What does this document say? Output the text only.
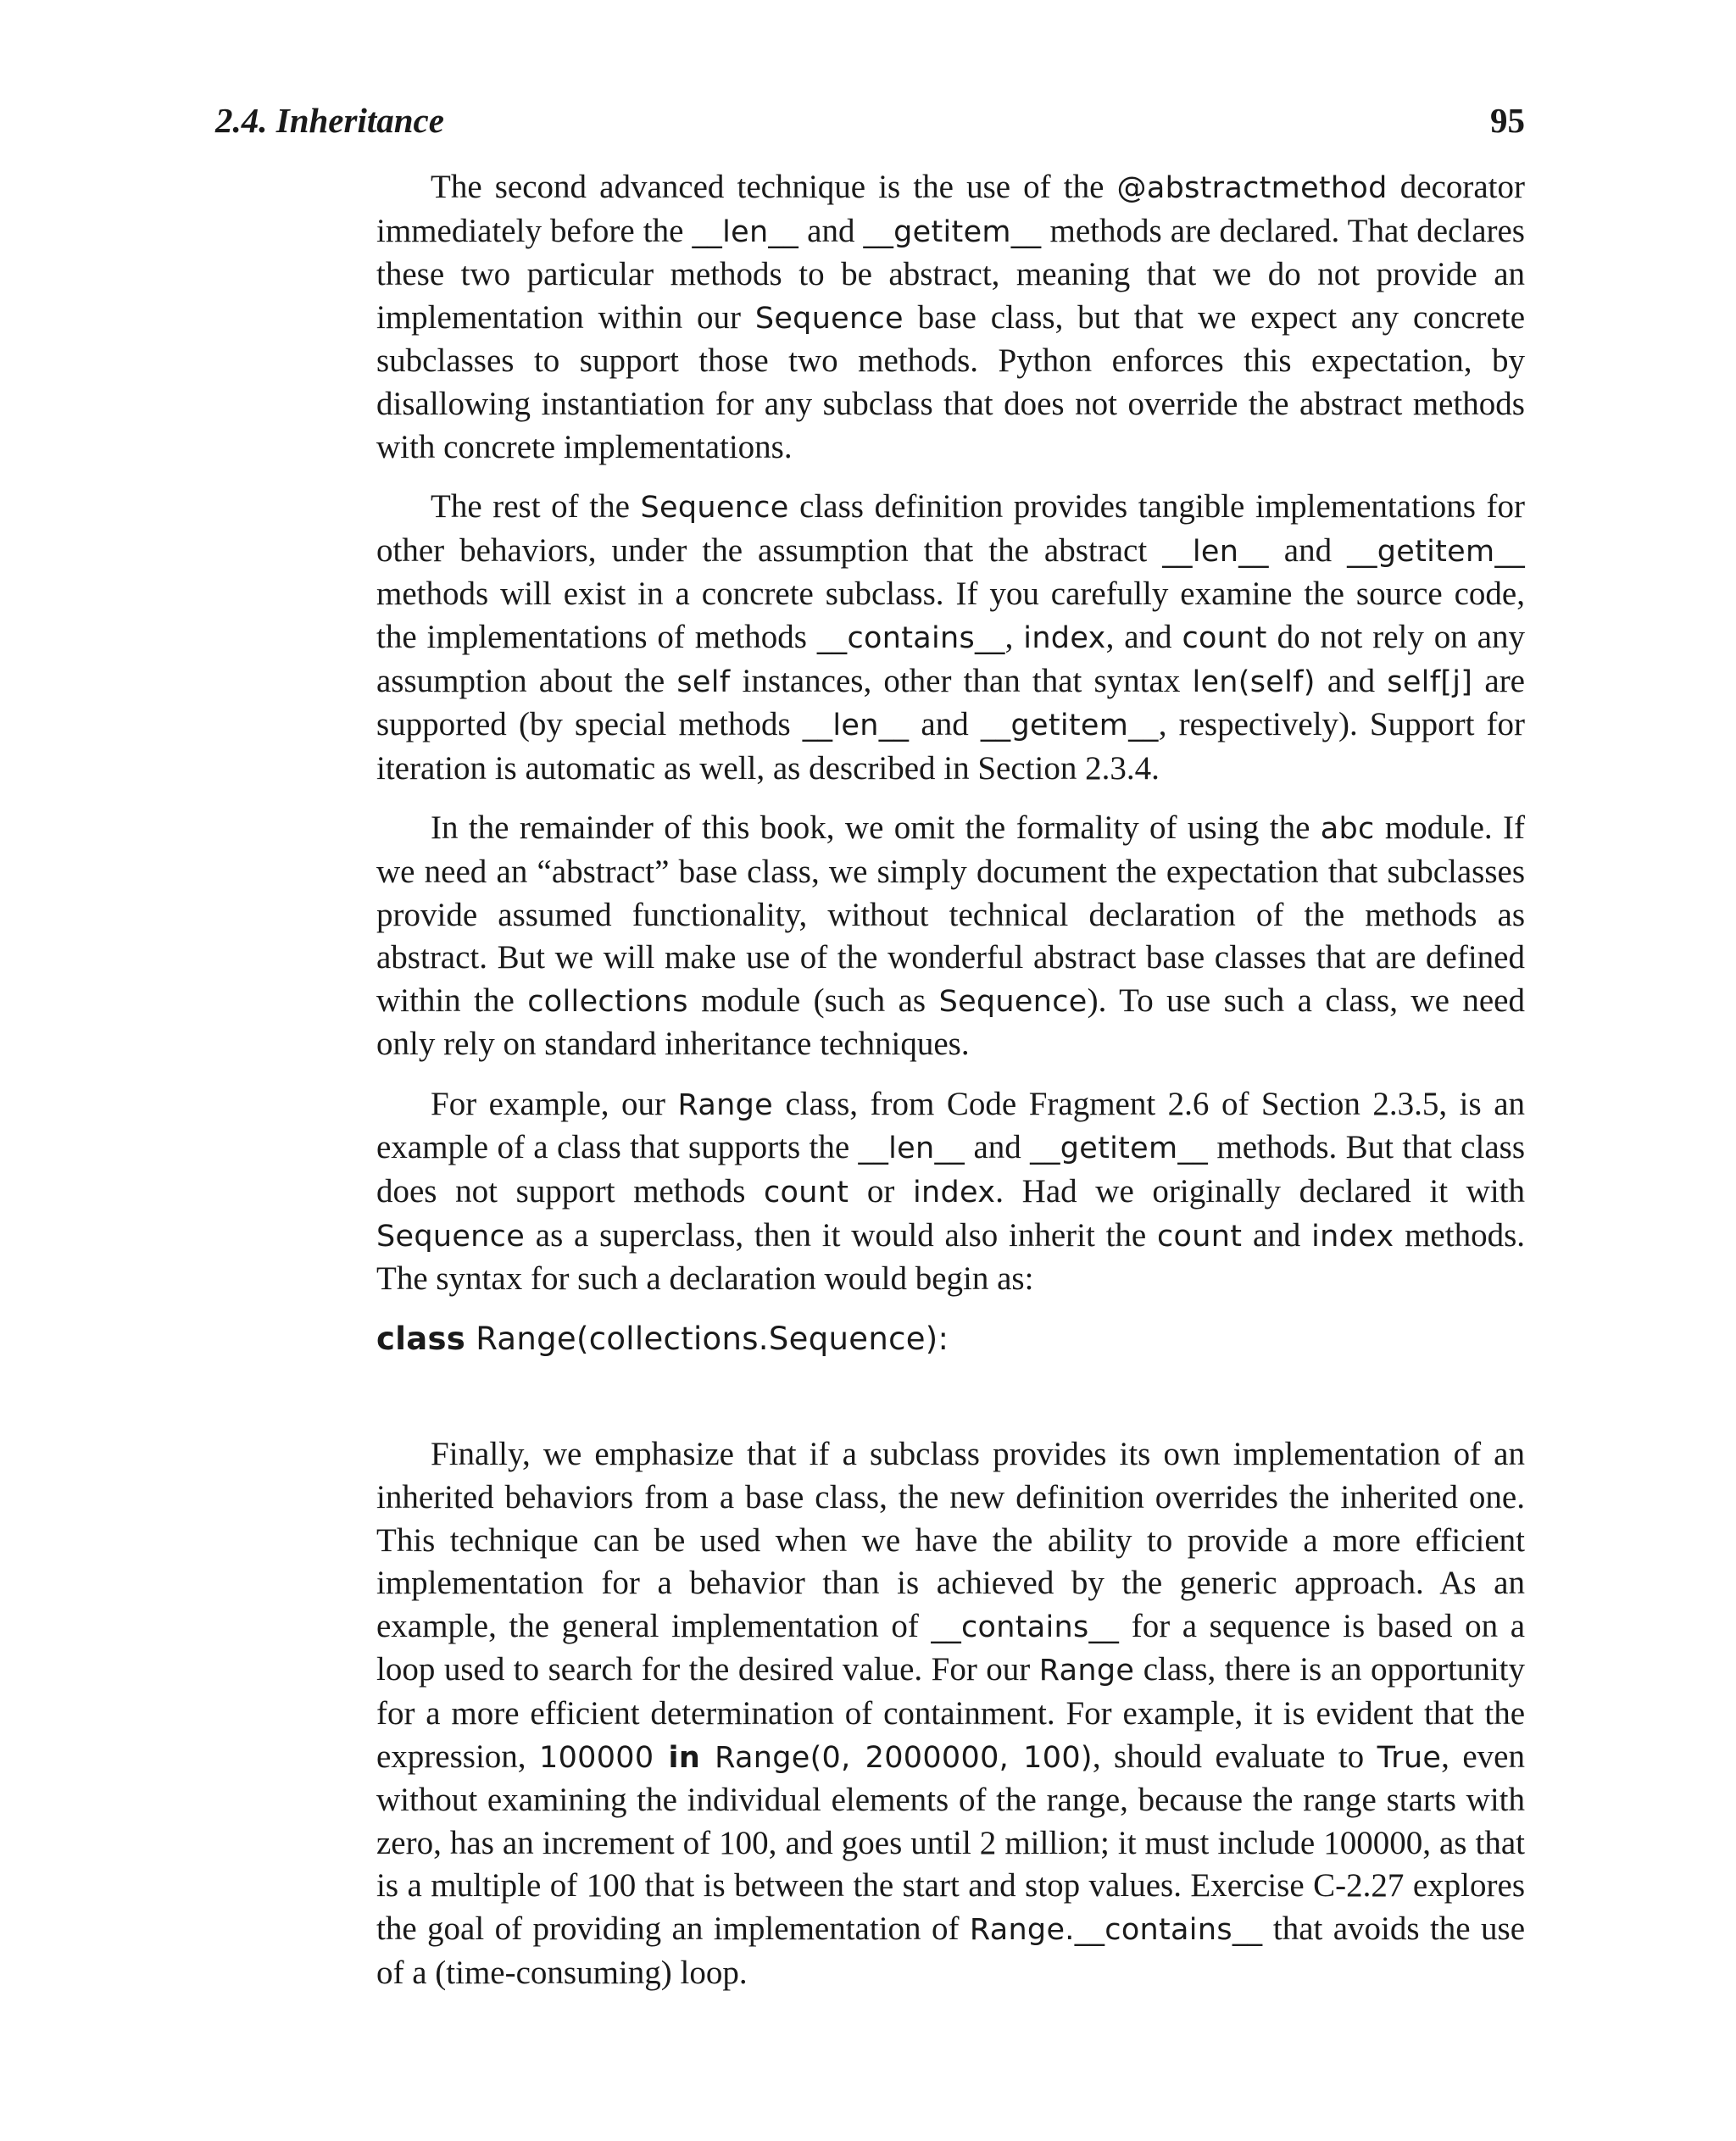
2.4. Inheritance	95

The second advanced technique is the use of the @abstractmethod decorator immediately before the __len__ and __getitem__ methods are declared. That declares these two particular methods to be abstract, meaning that we do not provide an implementation within our Sequence base class, but that we expect any concrete subclasses to support those two methods. Python enforces this expectation, by disallowing instantiation for any subclass that does not override the abstract methods with concrete implementations.

The rest of the Sequence class definition provides tangible implementations for other behaviors, under the assumption that the abstract __len__ and __getitem__ methods will exist in a concrete subclass. If you carefully examine the source code, the implementations of methods __contains__, index, and count do not rely on any assumption about the self instances, other than that syntax len(self) and self[j] are supported (by special methods __len__ and __getitem__, respectively). Support for iteration is automatic as well, as described in Section 2.3.4.

In the remainder of this book, we omit the formality of using the abc module. If we need an “abstract” base class, we simply document the expectation that subclasses provide assumed functionality, without technical declaration of the methods as abstract. But we will make use of the wonderful abstract base classes that are defined within the collections module (such as Sequence). To use such a class, we need only rely on standard inheritance techniques.

For example, our Range class, from Code Fragment 2.6 of Section 2.3.5, is an example of a class that supports the __len__ and __getitem__ methods. But that class does not support methods count or index. Had we originally declared it with Sequence as a superclass, then it would also inherit the count and index methods. The syntax for such a declaration would begin as:

class Range(collections.Sequence):

Finally, we emphasize that if a subclass provides its own implementation of an inherited behaviors from a base class, the new definition overrides the inherited one. This technique can be used when we have the ability to provide a more efficient implementation for a behavior than is achieved by the generic approach. As an example, the general implementation of __contains__ for a sequence is based on a loop used to search for the desired value. For our Range class, there is an opportunity for a more efficient determination of containment. For example, it is evident that the expression, 100000 in Range(0, 2000000, 100), should evaluate to True, even without examining the individual elements of the range, because the range starts with zero, has an increment of 100, and goes until 2 million; it must include 100000, as that is a multiple of 100 that is between the start and stop values. Exercise C-2.27 explores the goal of providing an implementation of Range.__contains__ that avoids the use of a (time-consuming) loop.
